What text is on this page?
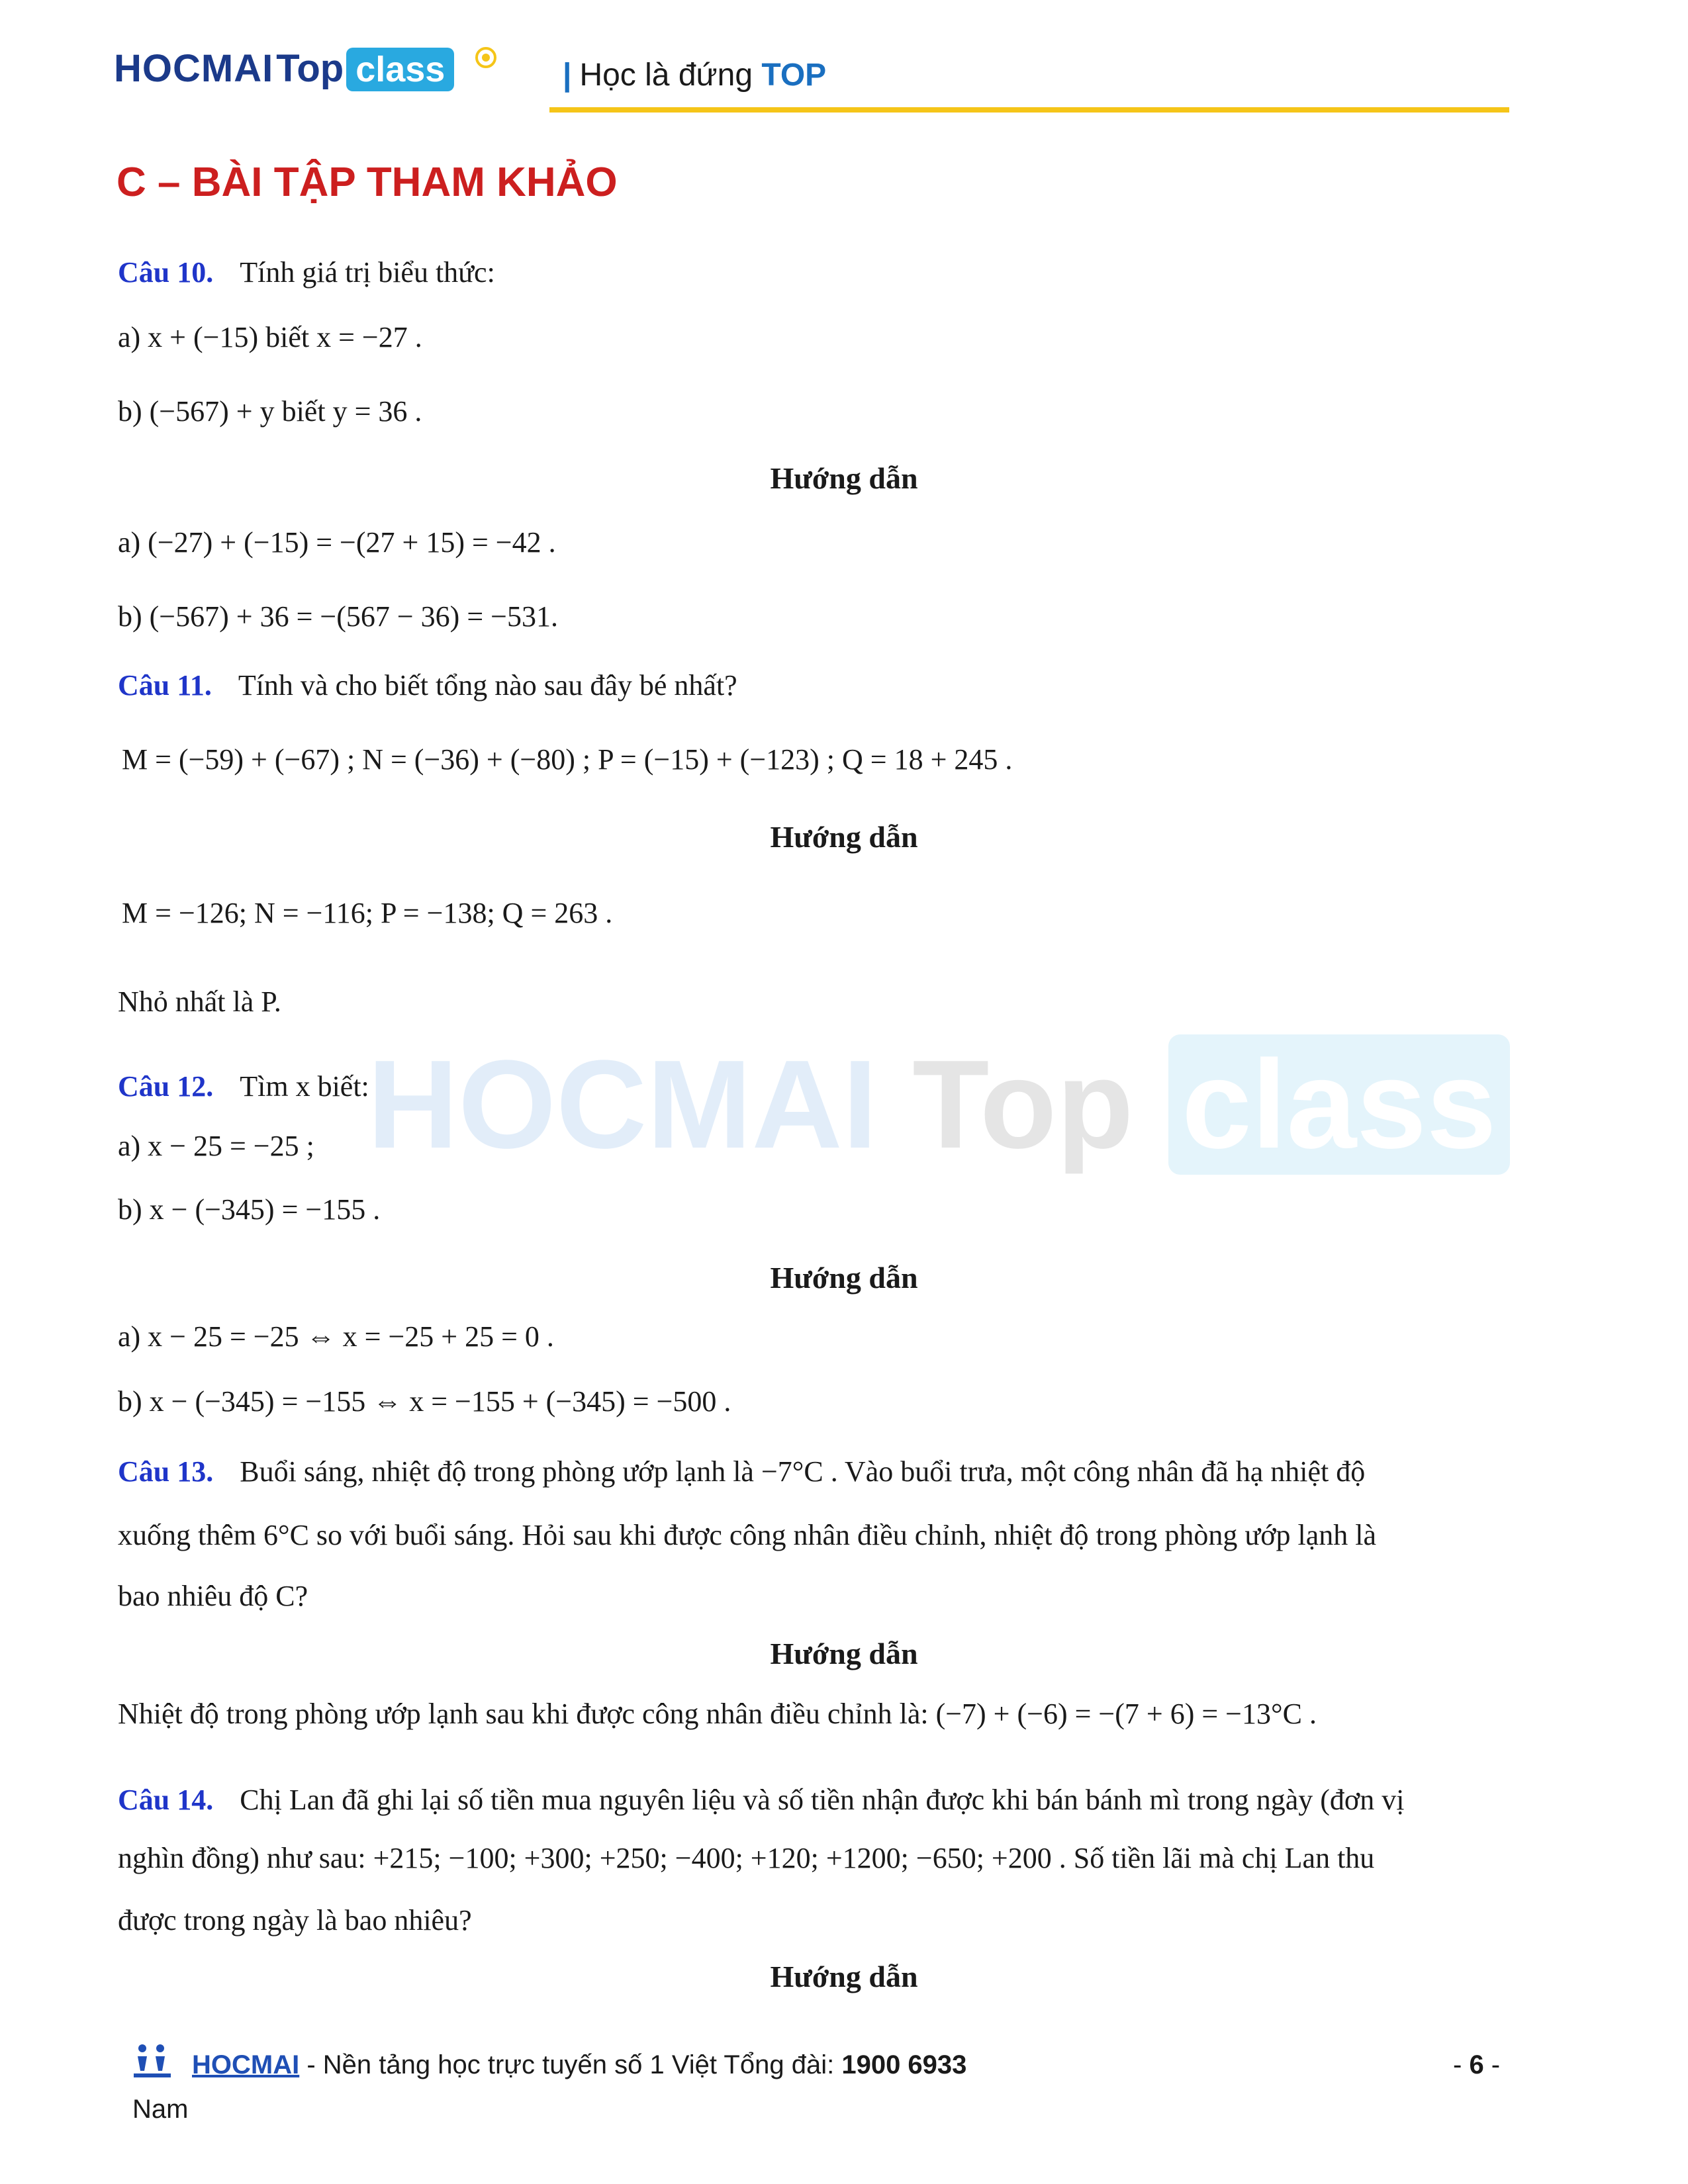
HOCMAI Top class	| Học là đứng TOP
C – BÀI TẬP THAM KHẢO
HOCMAI Top class
Câu 10. Tính giá trị biểu thức:
a) x + (−15) biết x = −27 .
b) (−567) + y biết y = 36 .
Hướng dẫn
a) (−27) + (−15) = −(27 + 15) = −42 .
b) (−567) + 36 = −(567 − 36) = −531.
Câu 11. Tính và cho biết tổng nào sau đây bé nhất?
M = (−59) + (−67) ; N = (−36) + (−80) ; P = (−15) + (−123) ; Q = 18 + 245 .
Hướng dẫn
M = −126; N = −116; P = −138; Q = 263 .
Nhỏ nhất là P.
Câu 12. Tìm x biết:
a) x − 25 = −25 ;
b) x − (−345) = −155 .
Hướng dẫn
a) x − 25 = −25 ⇔ x = −25 + 25 = 0 .
b) x − (−345) = −155 ⇔ x = −155 + (−345) = −500 .
Câu 13. Buổi sáng, nhiệt độ trong phòng ướp lạnh là −7°C . Vào buổi trưa, một công nhân đã hạ nhiệt độ
xuống thêm 6°C so với buổi sáng. Hỏi sau khi được công nhân điều chỉnh, nhiệt độ trong phòng ướp lạnh là
bao nhiêu độ C?
Hướng dẫn
Nhiệt độ trong phòng ướp lạnh sau khi được công nhân điều chỉnh là: (−7) + (−6) = −(7 + 6) = −13°C .
Câu 14. Chị Lan đã ghi lại số tiền mua nguyên liệu và số tiền nhận được khi bán bánh mì trong ngày (đơn vị
nghìn đồng) như sau: +215; −100; +300; +250; −400; +120; +1200; −650; +200 . Số tiền lãi mà chị Lan thu
được trong ngày là bao nhiêu?
Hướng dẫn
HOCMAI - Nền tảng học trực tuyến số 1 Việt Tổng đài: 1900 6933	- 6 -
Nam
